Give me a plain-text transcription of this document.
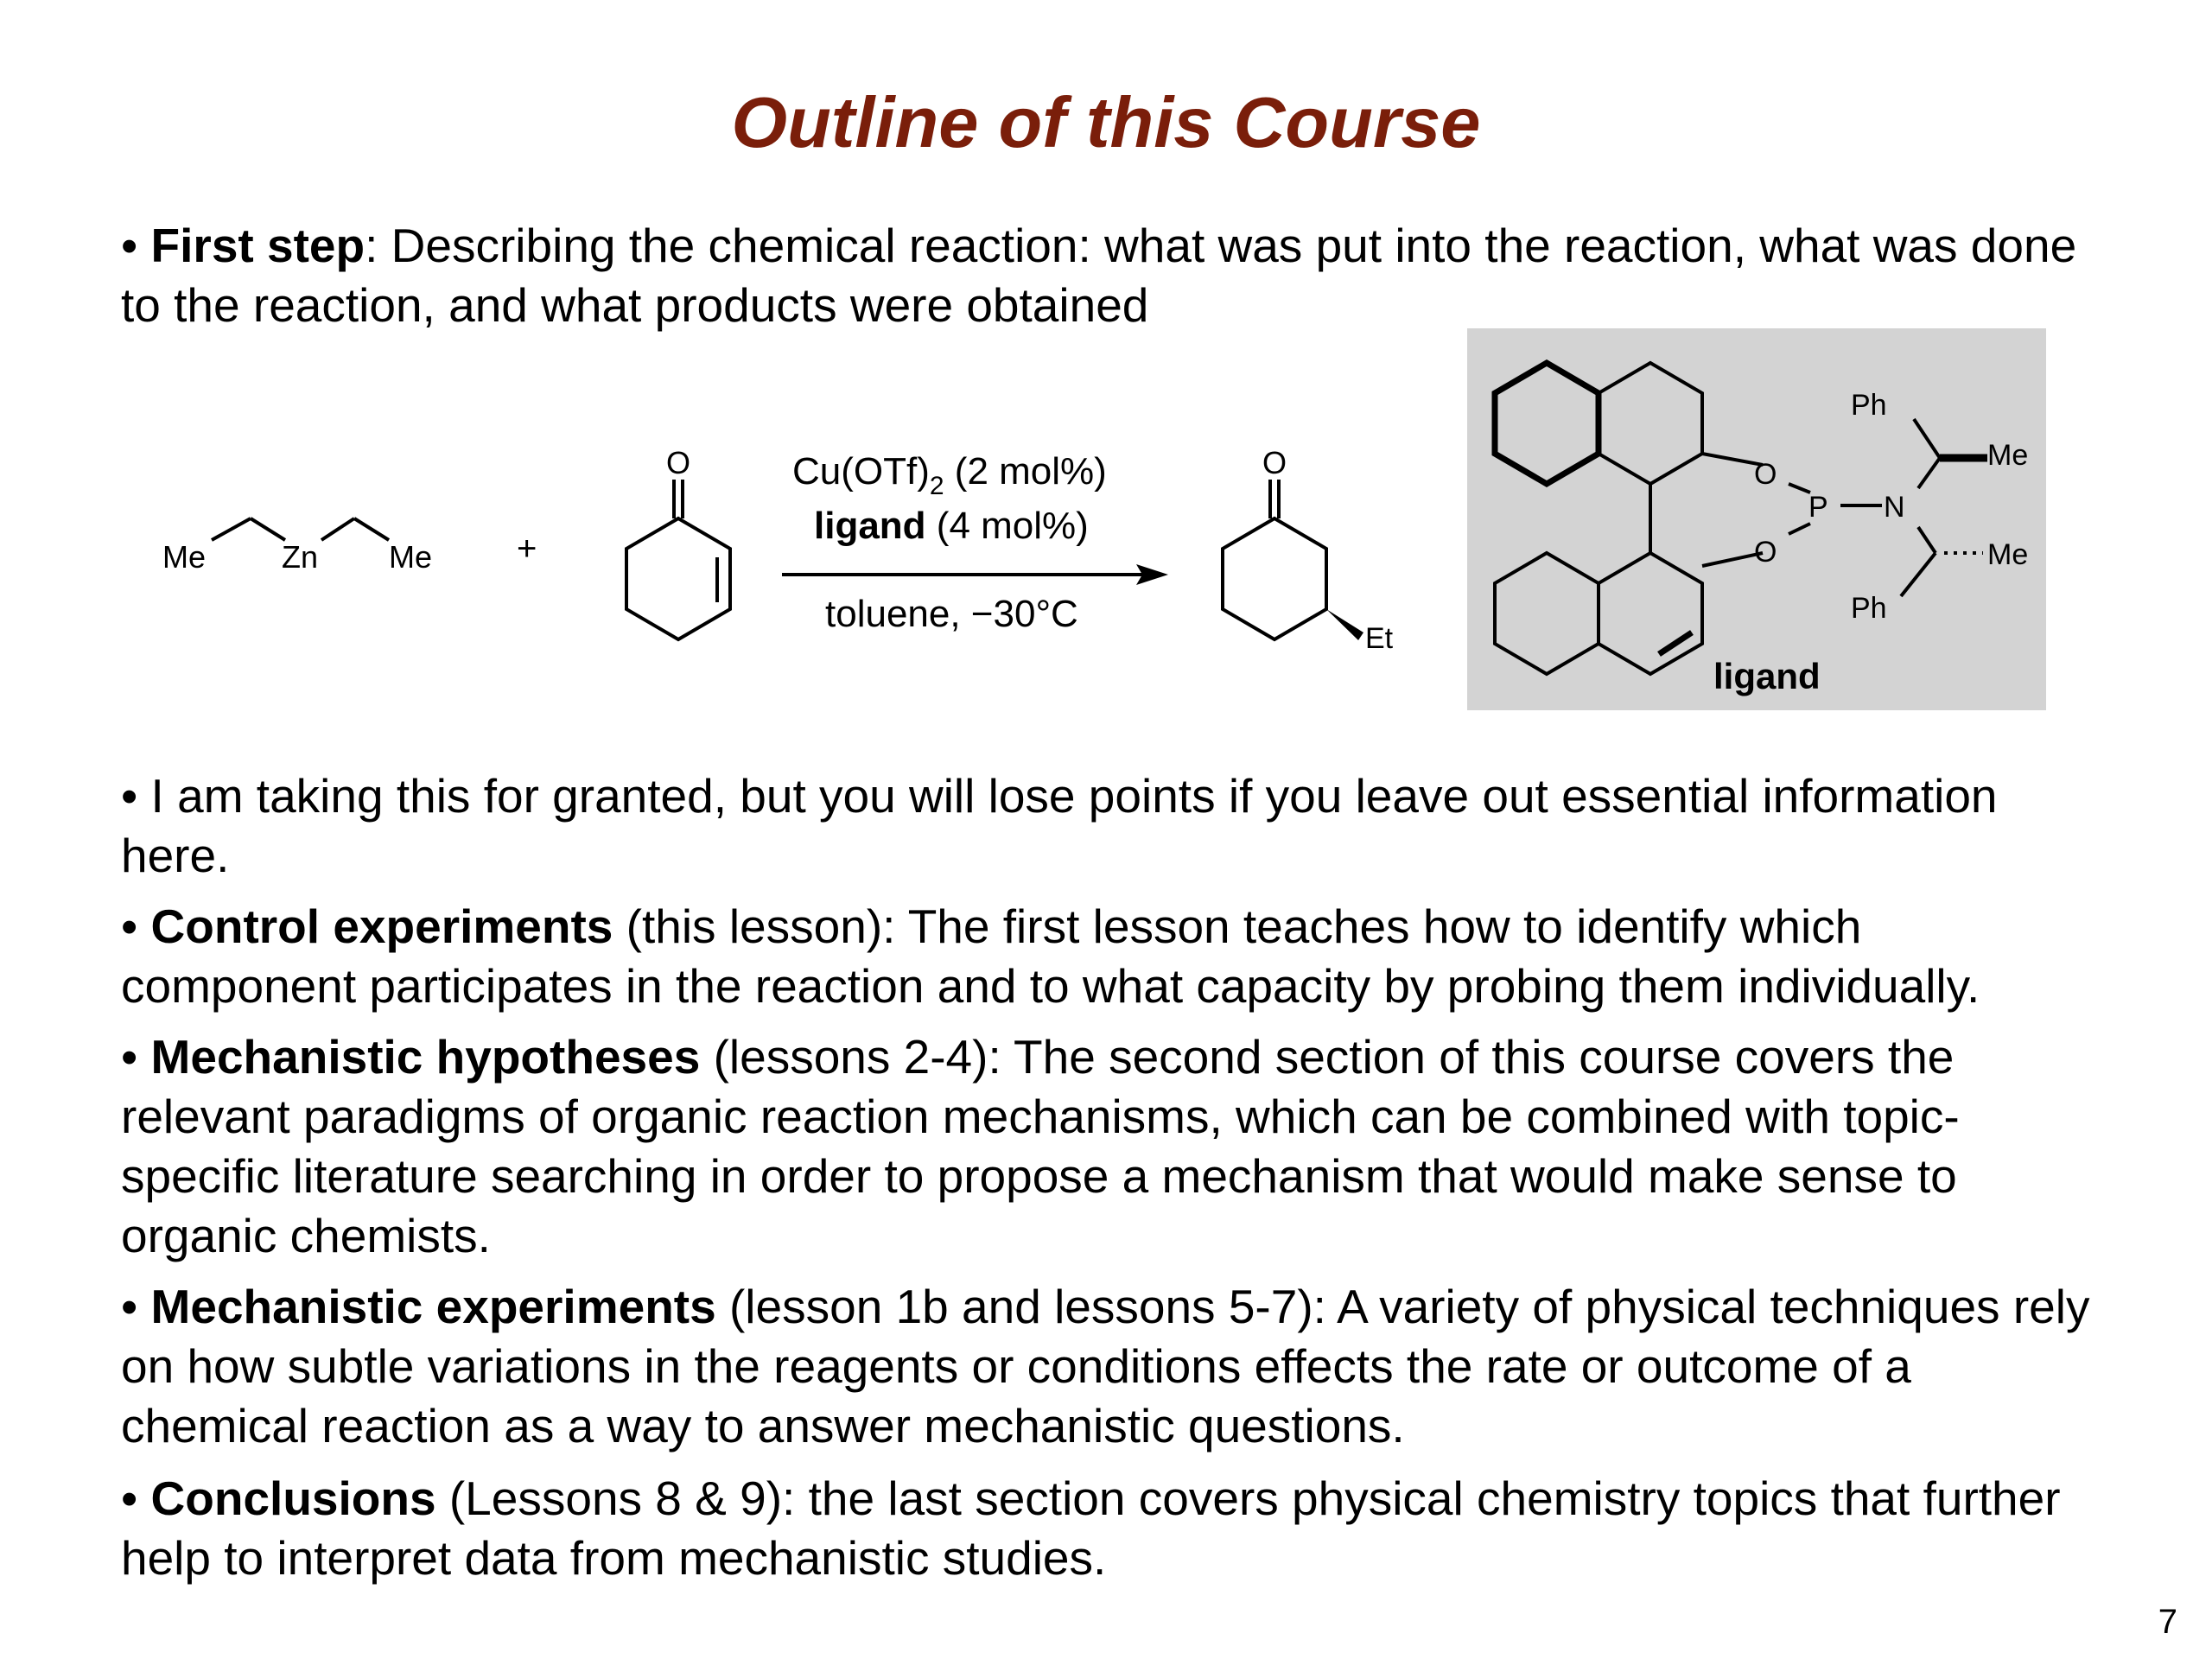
Outline of this Course
• First step: Describing the chemical reaction: what was put into the reaction, what was done to the reaction, and what products were obtained
Me Zn Me +
O	$Cu(OTf)_2$ (2 mol%)
ligand (4 mol%)
toluene, −30°C
O
Et
O
O
P N
Ph
Me
Me
Ph
ligand
• I am taking this for granted, but you will lose points if you leave out essential information here.
• Control experiments (this lesson): The first lesson teaches how to identify which component participates in the reaction and to what capacity by probing them individually.
• Mechanistic hypotheses (lessons 2-4): The second section of this course covers the relevant paradigms of organic reaction mechanisms, which can be combined with topic-specific literature searching in order to propose a mechanism that would make sense to organic chemists.
• Mechanistic experiments (lesson 1b and lessons 5-7): A variety of physical techniques rely on how subtle variations in the reagents or conditions effects the rate or outcome of a chemical reaction as a way to answer mechanistic questions.
• Conclusions (Lessons 8 & 9): the last section covers physical chemistry topics that further help to interpret data from mechanistic studies.
7
